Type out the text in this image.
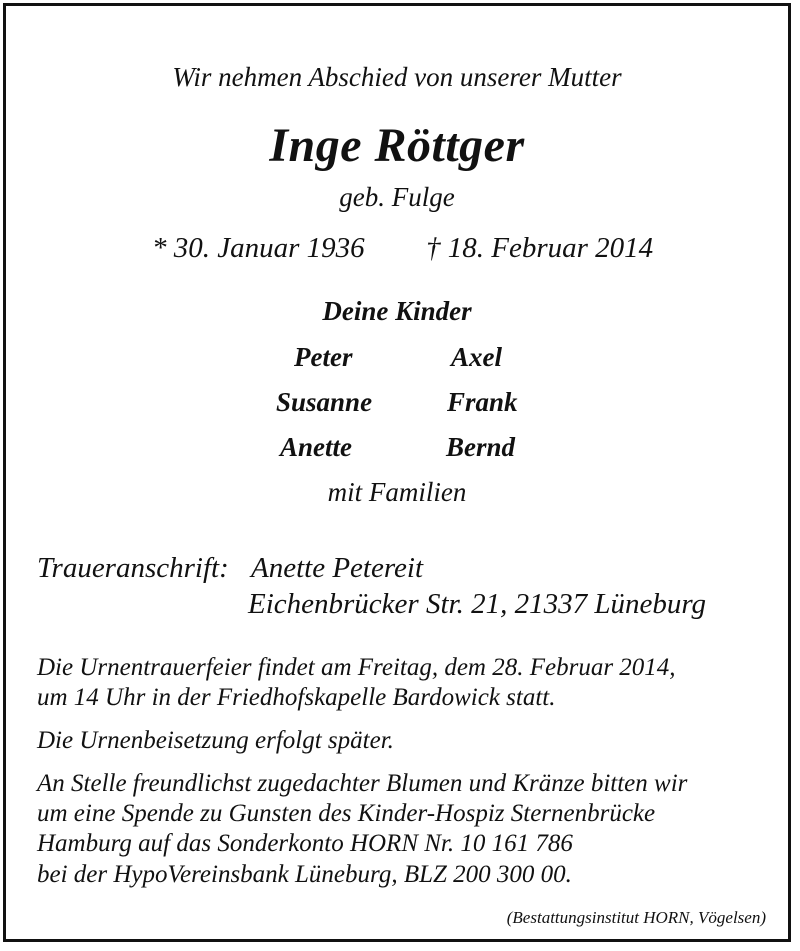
Wir nehmen Abschied von unserer Mutter

Inge Röttger

geb. Fulge

* 30. Januar 1936 † 18. Februar 2014

Deine Kinder

Peter	Axel

Susanne	Frank

Anette	Bernd

mit Familien

Traueranschrift: Anette Petereit

Eichenbrücker Str. 21, 21337 Lüneburg

Die Urnentrauerfeier findet am Freitag, dem 28. Februar 2014,

um 14 Uhr in der Friedhofskapelle Bardowick statt.

Die Urnenbeisetzung erfolgt später.

An Stelle freundlichst zugedachter Blumen und Kränze bitten wir

um eine Spende zu Gunsten des Kinder-Hospiz Sternenbrücke

Hamburg auf das Sonderkonto HORN Nr. 10 161 786

bei der HypoVereinsbank Lüneburg, BLZ 200 300 00.

(Bestattungsinstitut HORN, Vögelsen)
